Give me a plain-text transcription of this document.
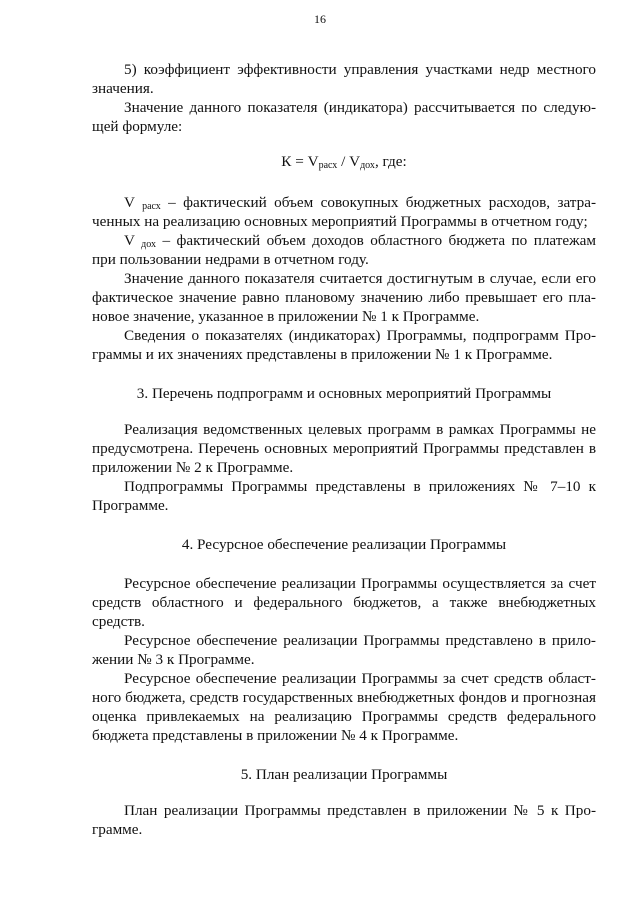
16

5) коэффициент эффективности управления участками недр местного значения.

Значение данного показателя (индикатора) рассчитывается по следую-щей формуле:

$К = V_{расх} / V_{дох}$, где:

V $_{расх}$ – фактический объем совокупных бюджетных расходов, затра-ченных на реализацию основных мероприятий Программы в отчетном году;

V $_{дох}$ – фактический объем доходов областного бюджета по платежам при пользовании недрами в отчетном году.

Значение данного показателя считается достигнутым в случае, если его фактическое значение равно плановому значению либо превышает его пла-новое значение, указанное в приложении № 1 к Программе.

Сведения о показателях (индикаторах) Программы, подпрограмм Про-граммы и их значениях представлены в приложении № 1 к Программе.

3. Перечень подпрограмм и основных мероприятий Программы

Реализация ведомственных целевых программ в рамках Программы не предусмотрена. Перечень основных мероприятий Программы представлен в приложении № 2 к Программе.

Подпрограммы Программы представлены в приложениях № 7–10 к Программе.

4. Ресурсное обеспечение реализации Программы

Ресурсное обеспечение реализации Программы осуществляется за счет средств областного и федерального бюджетов, а также внебюджетных средств.

Ресурсное обеспечение реализации Программы представлено в прило-жении № 3 к Программе.

Ресурсное обеспечение реализации Программы за счет средств област-ного бюджета, средств государственных внебюджетных фондов и прогнозная оценка привлекаемых на реализацию Программы средств федерального бюджета представлены в приложении № 4 к Программе.

5. План реализации Программы

План реализации Программы представлен в приложении № 5 к Про-грамме.
